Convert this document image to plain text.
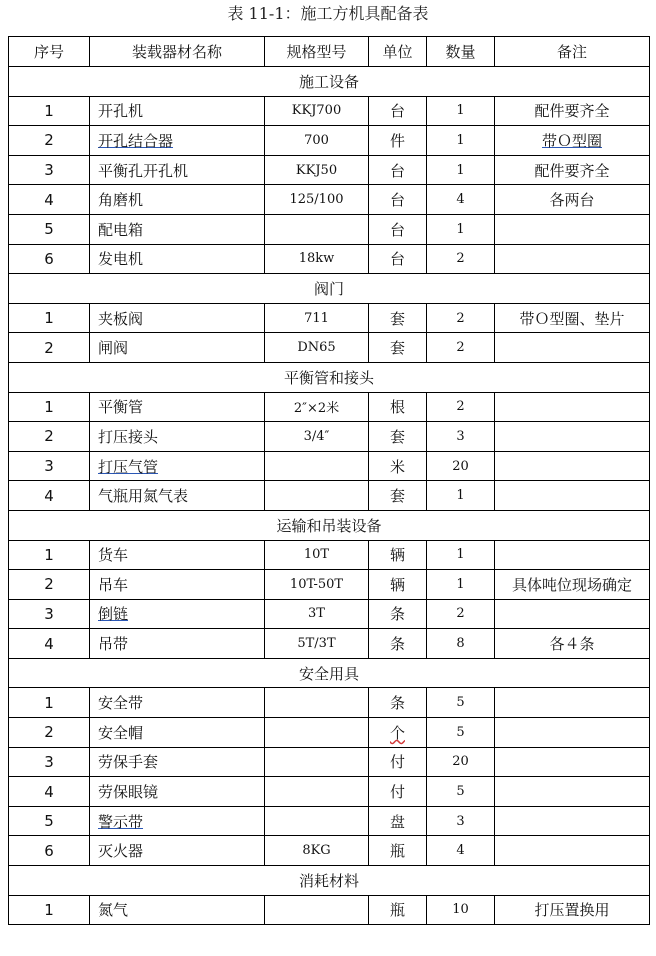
表 11-1：施工方机具配备表
序号	装载器材名称	规格型号	单位	数量	备注
施工设备					
1	开孔机	KKJ700	台	1	配件要齐全
2	开孔结合器	700	件	1	带Ｏ型圈
3	平衡孔开孔机	KKJ50	台	1	配件要齐全
4	角磨机	125/100	台	4	各两台
5	配电箱		台	1	
6	发电机	18kw	台	2	
阀门					
1	夹板阀	711	套	2	带Ｏ型圈、垫片
2	闸阀	DN65	套	2	
平衡管和接头					
1	平衡管	2″×2米	根	2	
2	打压接头	3/4″	套	3	
3	打压气管		米	20	
4	气瓶用氮气表		套	1	
运输和吊装设备					
1	货车	10T	辆	1	
2	吊车	10T-50T	辆	1	具体吨位现场确定
3	倒链	3T	条	2	
4	吊带	5T/3T	条	8	各４条
安全用具					
1	安全带		条	5	
2	安全帽		个	5	
3	劳保手套		付	20	
4	劳保眼镜		付	5	
5	警示带		盘	3	
6	灭火器	8KG	瓶	4	
消耗材料					
1	氮气		瓶	10	打压置换用
